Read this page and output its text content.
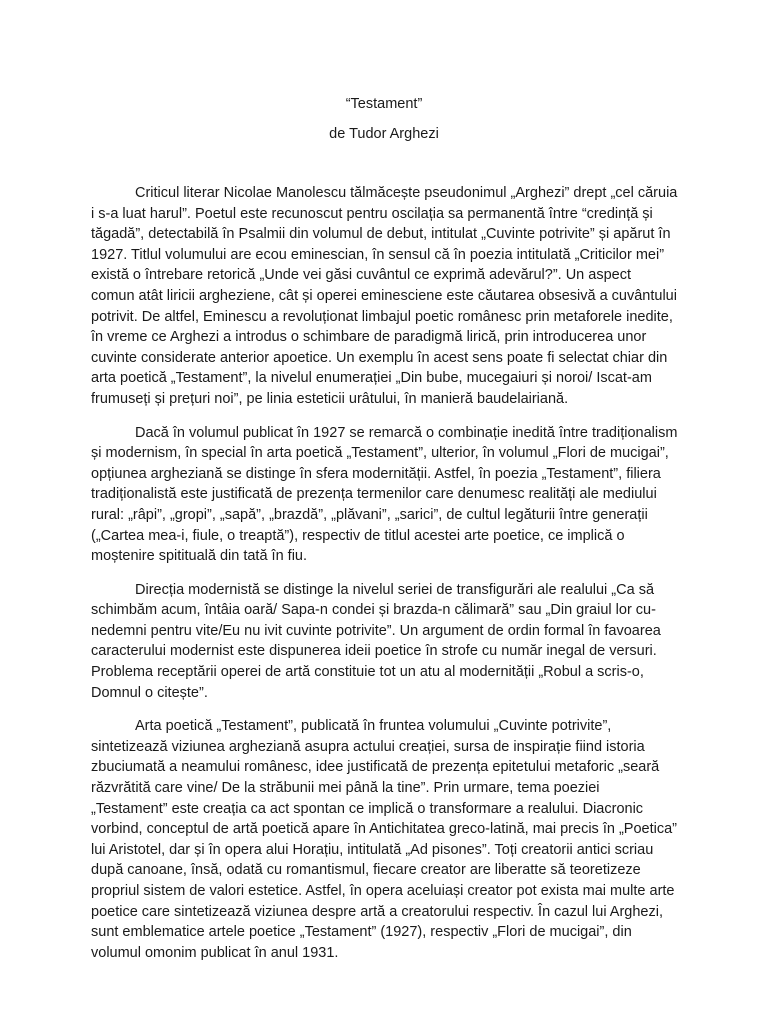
“Testament”
de Tudor Arghezi

Criticul literar Nicolae Manolescu tălmăcește pseudonimul „Arghezi” drept „cel căruia i s-a luat harul”. Poetul este recunoscut pentru oscilația sa permanentă între “credință și tăgadă”, detectabilă în Psalmii din volumul de debut, intitulat „Cuvinte potrivite” și apărut în 1927. Titlul volumului are ecou eminescian, în sensul că în poezia intitulată „Criticilor mei” există o întrebare retorică „Unde vei găsi cuvântul ce exprimă adevărul?”. Un aspect comun atât liricii argheziene, cât și operei eminesciene este căutarea obsesivă a cuvântului potrivit. De altfel, Eminescu a revoluționat limbajul poetic românesc prin metaforele inedite, în vreme ce Arghezi a introdus o schimbare de paradigmă lirică, prin introducerea unor cuvinte considerate anterior apoetice. Un exemplu în acest sens poate fi selectat chiar din arta poetică „Testament”, la nivelul enumerației „Din bube, mucegaiuri și noroi/ Iscat-am frumuseți și prețuri noi”, pe linia esteticii urâtului, în manieră baudelairiană.

Dacă în volumul publicat în 1927 se remarcă o combinație inedită între tradiționalism și modernism, în special în arta poetică „Testament”, ulterior, în volumul „Flori de mucigai”, opțiunea argheziană se distinge în sfera modernității. Astfel, în poezia „Testament”, filiera tradiționalistă este justificată de prezența termenilor care denumesc realități ale mediului rural: „râpi”, „gropi”, „sapă”, „brazdă”, „plăvani”, „sarici”, de cultul legăturii între generații („Cartea mea-i, fiule, o treaptă”), respectiv de titlul acestei arte poetice, ce implică o moștenire spitituală din tată în fiu.

Direcția modernistă se distinge la nivelul seriei de transfigurări ale realului „Ca să schimbăm acum, întâia oară/ Sapa-n condei și brazda-n călimară” sau „Din graiul lor cu-nedemni pentru vite/Eu nu ivit cuvinte potrivite”. Un argument de ordin formal în favoarea caracterului modernist este dispunerea ideii poetice în strofe cu număr inegal de versuri. Problema receptării operei de artă constituie tot un atu al modernității „Robul a scris-o, Domnul o citește”.

Arta poetică „Testament”, publicată în fruntea volumului „Cuvinte potrivite”, sintetizează viziunea argheziană asupra actului creației, sursa de inspirație fiind istoria zbuciumată a neamului românesc, idee justificată de prezența epitetului metaforic „seară răzvrătită care vine/ De la străbunii mei până la tine”. Prin urmare, tema poeziei „Testament” este creația ca act spontan ce implică o transformare a realului. Diacronic vorbind, conceptul de artă poetică apare în Antichitatea greco-latină, mai precis în „Poetica” lui Aristotel, dar și în opera alui Horațiu, intitulată „Ad pisones”. Toți creatorii antici scriau după canoane, însă, odată cu romantismul, fiecare creator are liberatte să teoretizeze propriul sistem de valori estetice. Astfel, în opera aceluiași creator pot exista mai multe arte poetice care sintetizează viziunea despre artă a creatorului respectiv. În cazul lui Arghezi, sunt emblematice artele poetice „Testament” (1927), respectiv „Flori de mucigai”, din volumul omonim publicat în anul 1931.
